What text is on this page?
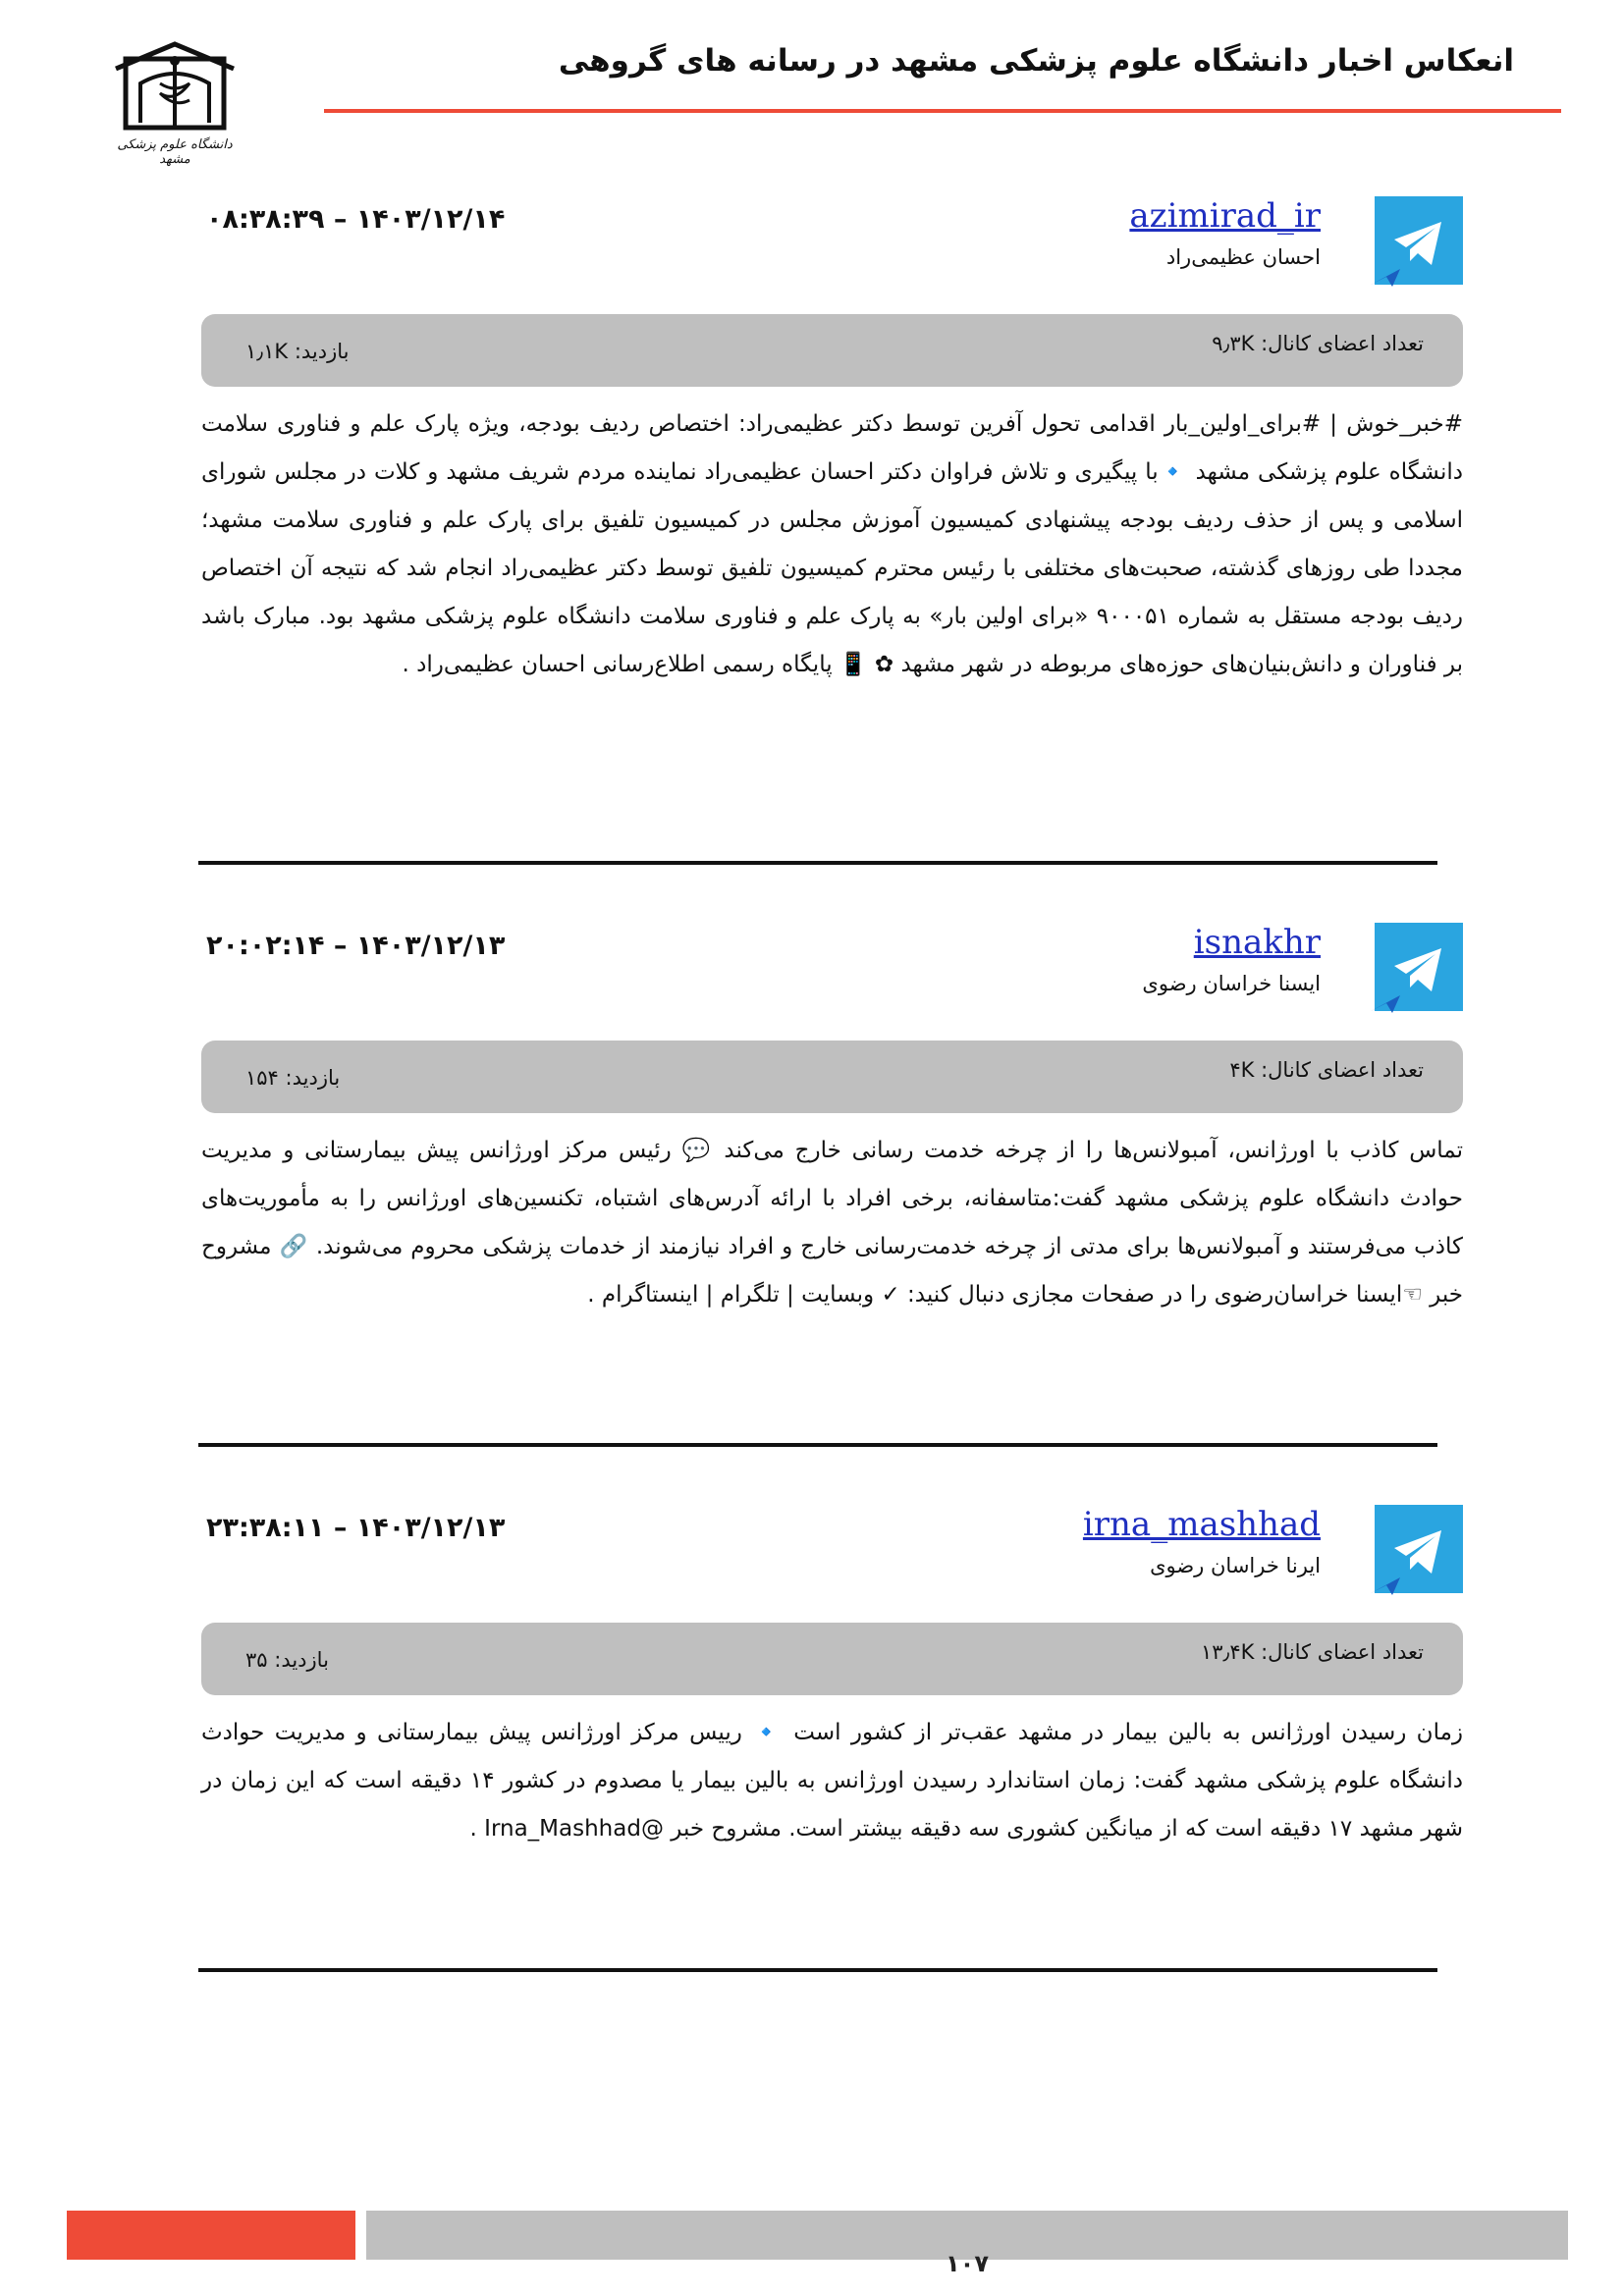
دانشگاه علوم پزشکی مشهد
انعکاس اخبار دانشگاه علوم پزشکی مشهد در رسانه های گروهی
azimirad_ir
احسان عظیمی‌راد
۰۸:۳۸:۳۹ – ۱۴۰۳/۱۲/۱۴
تعداد اعضای کانال: ۹٫۳K
بازدید: ۱٫۱K
#خبر_خوش | #برای_اولین_بار اقدامی تحول آفرین توسط دکتر عظیمی‌راد: اختصاص ردیف بودجه، ویژه پارک علم و فناوری سلامت دانشگاه علوم پزشکی مشهد 🔹با پیگیری و تلاش فراوان دکتر احسان عظیمی‌راد نماینده مردم شریف مشهد و کلات در مجلس شورای اسلامی و پس از حذف ردیف بودجه پیشنهادی کمیسیون آموزش مجلس در کمیسیون تلفیق برای پارک علم و فناوری سلامت مشهد؛ مجددا طی روزهای گذشته، صحبت‌های مختلفی با رئیس محترم کمیسیون تلفیق توسط دکتر عظیمی‌راد انجام شد که نتیجه آن اختصاص ردیف بودجه مستقل به شماره ۹۰۰۰۵۱ «برای اولین بار» به پارک علم و فناوری سلامت دانشگاه علوم پزشکی مشهد بود. مبارک باشد بر فناوران و دانش‌بنیان‌های حوزه‌های مربوطه در شهر مشهد ✿ 📱 پایگاه رسمی اطلاع‌رسانی احسان عظیمی‌راد .
isnakhr
ایسنا خراسان رضوی
۲۰:۰۲:۱۴ – ۱۴۰۳/۱۲/۱۳
تعداد اعضای کانال: ۴K
بازدید: ۱۵۴
تماس کاذب با اورژانس، آمبولانس‌ها را از چرخه خدمت رسانی خارج می‌کند 💬 رئیس مرکز اورژانس پیش بیمارستانی و مدیریت حوادث دانشگاه علوم پزشکی مشهد گفت:متاسفانه، برخی افراد با ارائه آدرس‌های اشتباه، تکنسین‌های اورژانس را به مأموریت‌های کاذب می‌فرستند و آمبولانس‌ها برای مدتی از چرخه خدمت‌رسانی خارج و افراد نیازمند از خدمات پزشکی محروم می‌شوند. 🔗 مشروح خبر ☜ایسنا خراسان‌رضوی را در صفحات مجازی دنبال کنید: ✓ وبسایت | تلگرام | اینستاگرام .
irna_mashhad
ایرنا خراسان رضوی
۲۳:۳۸:۱۱ – ۱۴۰۳/۱۲/۱۳
تعداد اعضای کانال: ۱۳٫۴K
بازدید: ۳۵
زمان رسیدن اورژانس به بالین بیمار در مشهد عقب‌تر از کشور است 🔹 رییس مرکز اورژانس پیش بیمارستانی و مدیریت حوادث دانشگاه علوم پزشکی مشهد گفت: زمان استاندارد رسیدن اورژانس به بالین بیمار یا مصدوم در کشور ۱۴ دقیقه است که این زمان در شهر مشهد ۱۷ دقیقه است که از میانگین کشوری سه دقیقه بیشتر است. مشروح خبر @Irna_Mashhad .
۱۰۷
